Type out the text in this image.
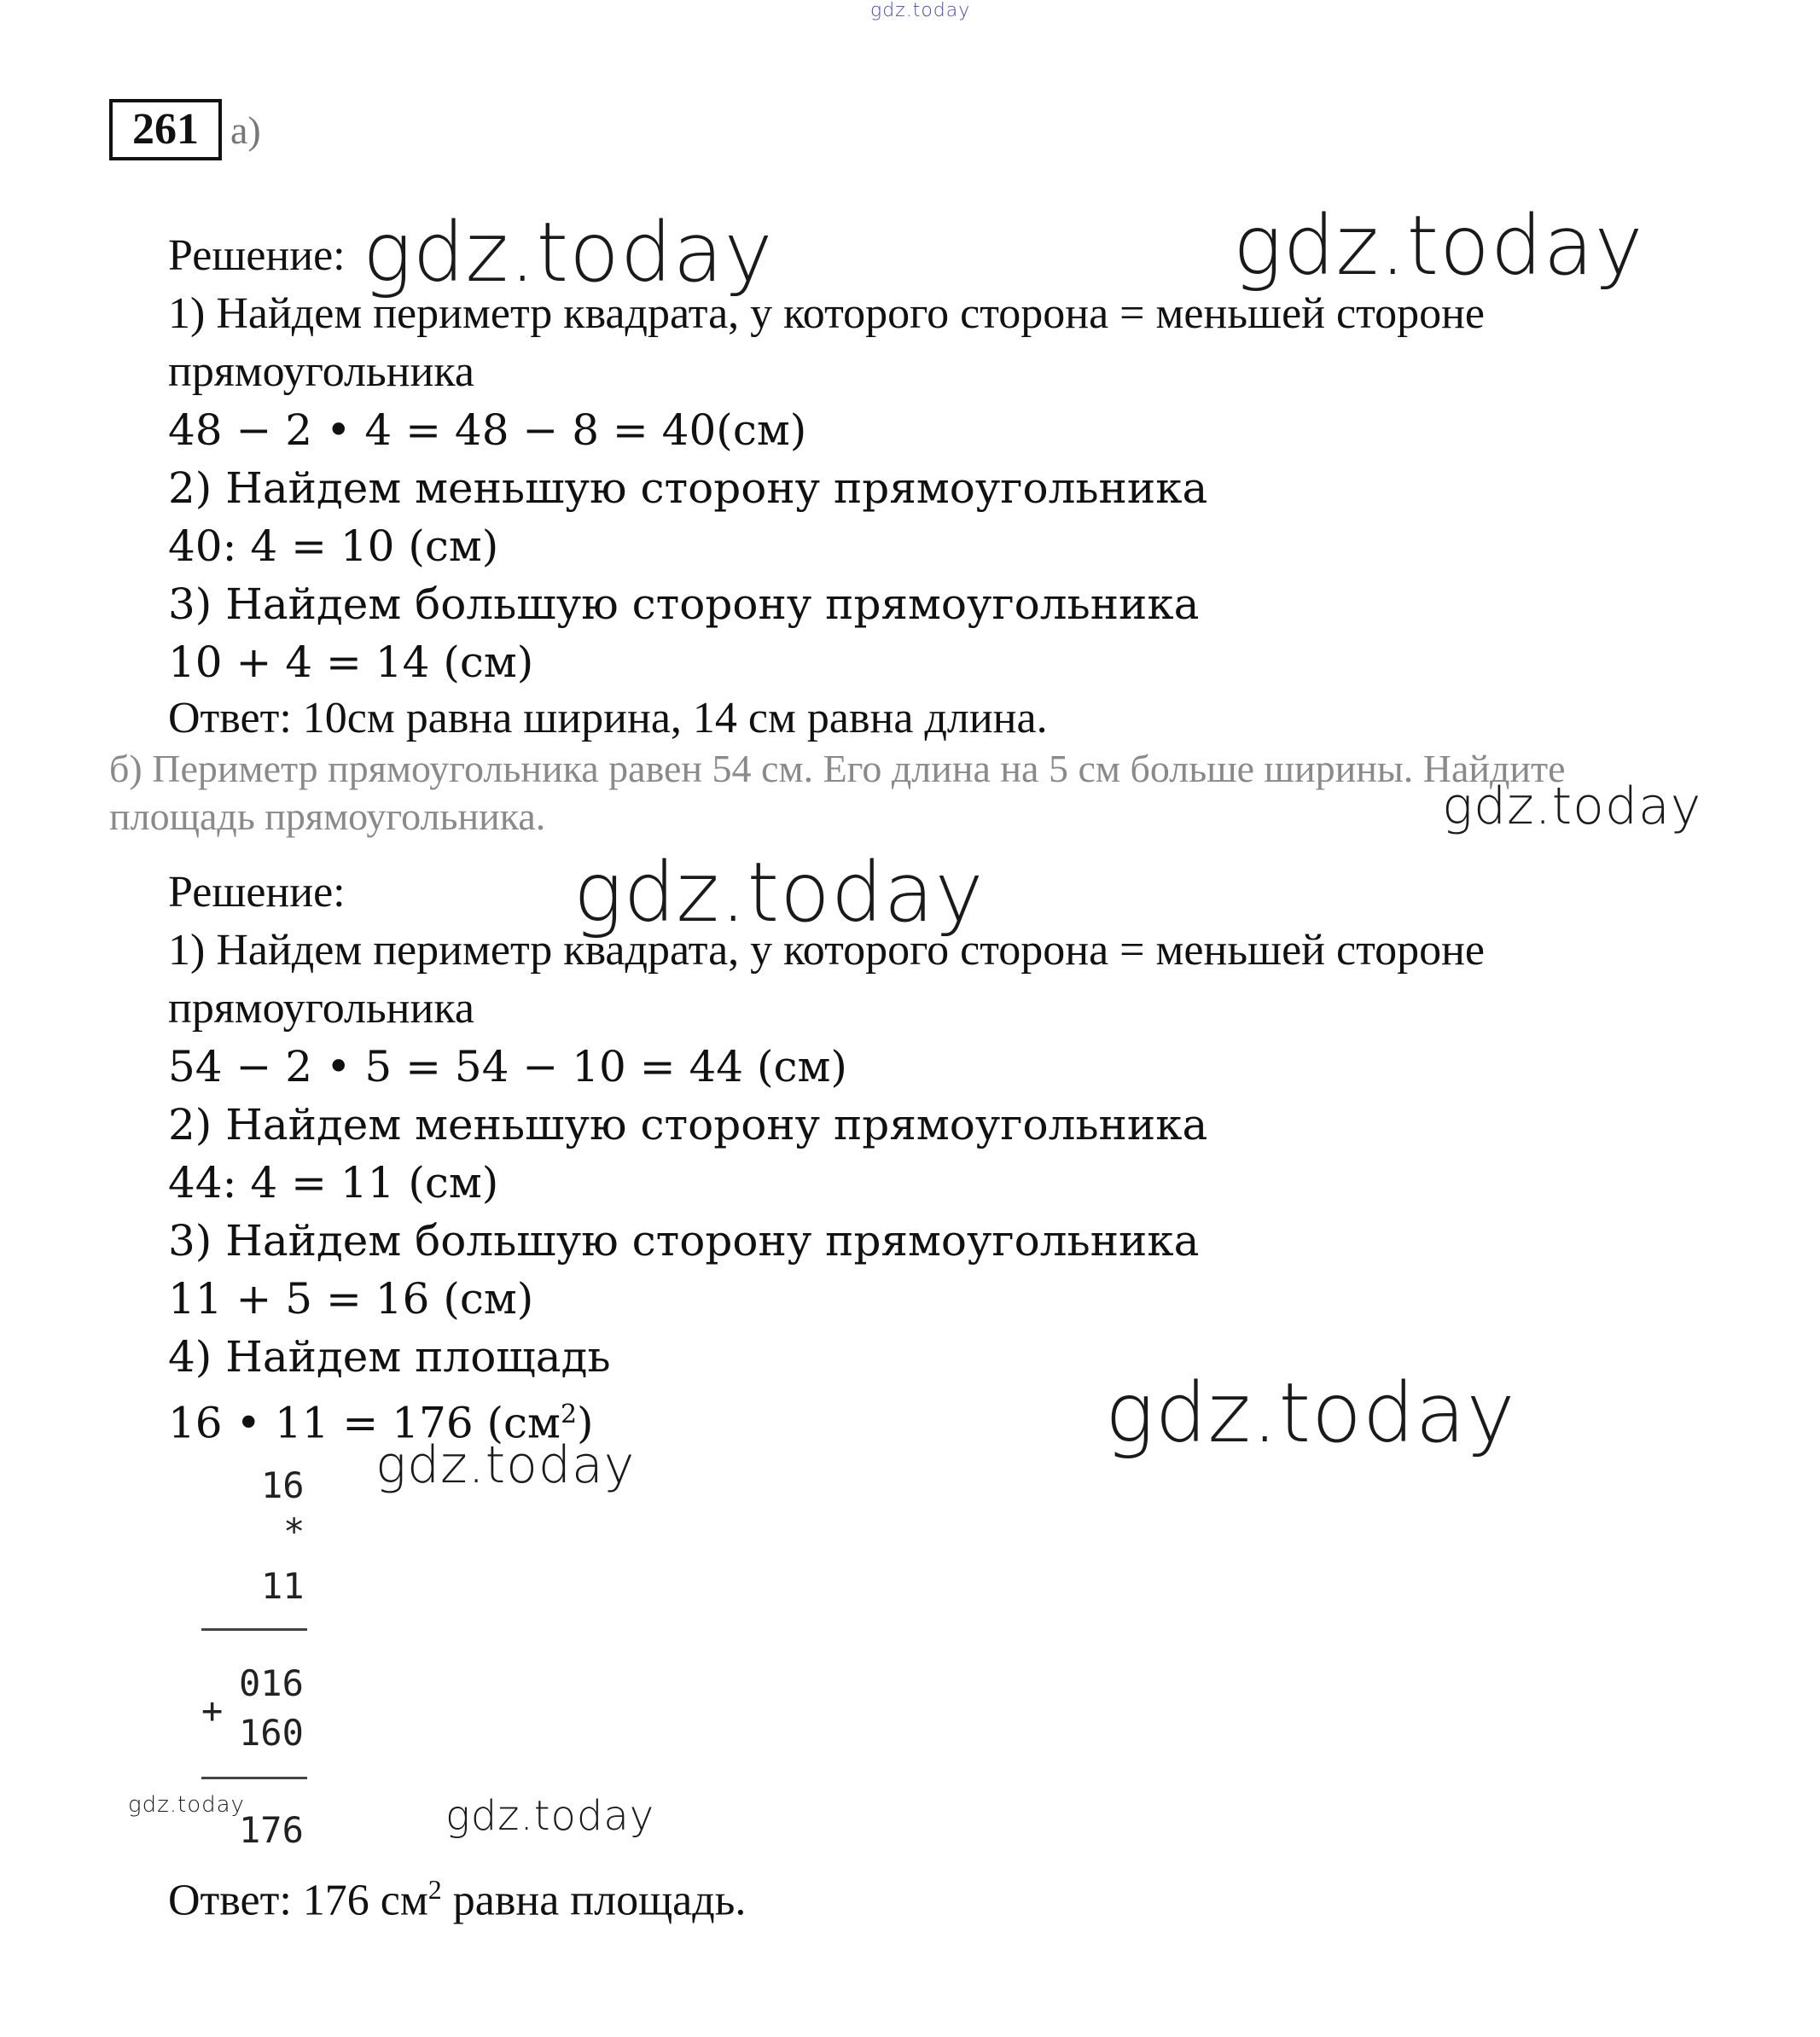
gdz.today
gdz.today	gdz.today
gdz.today
gdz.today
gdz.today
gdz.today
gdz.today	gdz.today
261 а)
Решение:
1) Найдем периметр квадрата, у которого сторона = меньшей стороне
прямоугольника
48 − 2 • 4 = 48 − 8 = 40(см)
2) Найдем меньшую сторону прямоугольника
40: 4 = 10 (см)
3) Найдем большую сторону прямоугольника
10 + 4 = 14 (см)
Ответ: 10см равна ширина, 14 см равна длина.
б) Периметр прямоугольника равен 54 см. Его длина на 5 см больше ширины. Найдите
площадь прямоугольника.
Решение:
1) Найдем периметр квадрата, у которого сторона = меньшей стороне
прямоугольника
54 − 2 • 5 = 54 − 10 = 44 (см)
2) Найдем меньшую сторону прямоугольника
44: 4 = 11 (см)
3) Найдем большую сторону прямоугольника
11 + 5 = 16 (см)
4) Найдем площадь
16 • 11 = 176 $(см^2)$
16
*
11
016
+
160
176
Ответ: 176 $см^2$ равна площадь.
